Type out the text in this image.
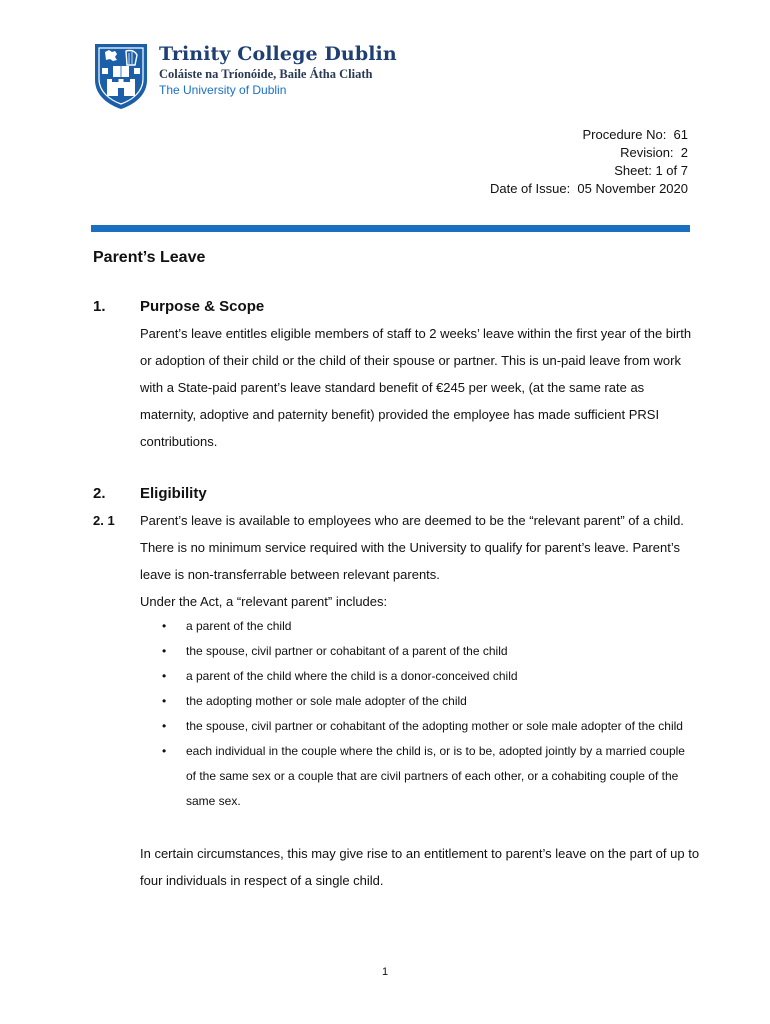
Trinity College Dublin
Coláiste na Tríonóide, Baile Átha Cliath
The University of Dublin
Procedure No:  61
Revision:  2
Sheet: 1 of 7
Date of Issue:  05 November 2020
Parent’s Leave
1. Purpose & Scope
Parent’s leave entitles eligible members of staff to 2 weeks’ leave within the first year of the birth or adoption of their child or the child of their spouse or partner. This is un-paid leave from work with a State-paid parent’s leave standard benefit of €245 per week, (at the same rate as maternity, adoptive and paternity benefit) provided the employee has made sufficient PRSI contributions.
2. Eligibility
2. 1 Parent’s leave is available to employees who are deemed to be the “relevant parent” of a child. There is no minimum service required with the University to qualify for parent’s leave. Parent’s leave is non-transferrable between relevant parents.
Under the Act, a “relevant parent” includes:
• a parent of the child
• the spouse, civil partner or cohabitant of a parent of the child
• a parent of the child where the child is a donor-conceived child
• the adopting mother or sole male adopter of the child
• the spouse, civil partner or cohabitant of the adopting mother or sole male adopter of the child
• each individual in the couple where the child is, or is to be, adopted jointly by a married couple of the same sex or a couple that are civil partners of each other, or a cohabiting couple of the same sex.
In certain circumstances, this may give rise to an entitlement to parent’s leave on the part of up to four individuals in respect of a single child.
1
